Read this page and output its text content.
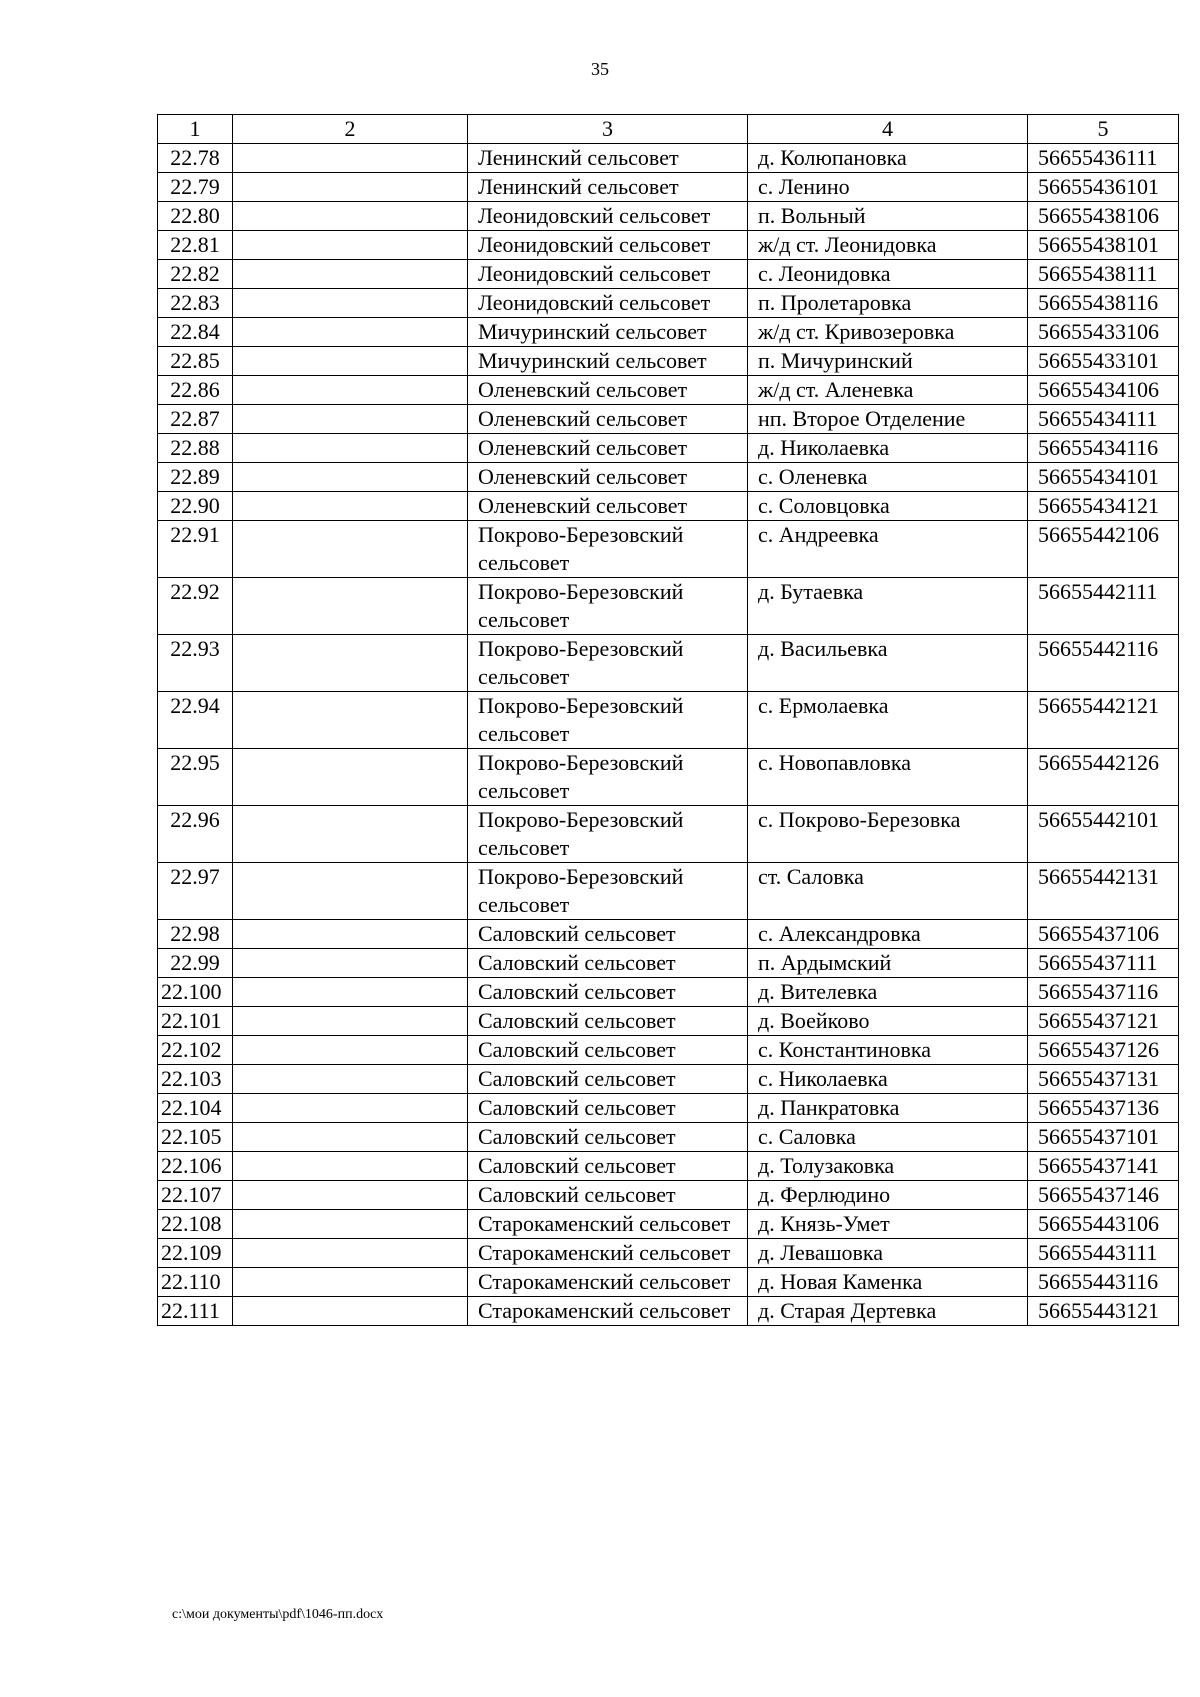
35
1	2	3	4	5
22.78		Ленинский сельсовет	д. Колюпановка	56655436111
22.79		Ленинский сельсовет	с. Ленино	56655436101
22.80		Леонидовский сельсовет	п. Вольный	56655438106
22.81		Леонидовский сельсовет	ж/д ст. Леонидовка	56655438101
22.82		Леонидовский сельсовет	с. Леонидовка	56655438111
22.83		Леонидовский сельсовет	п. Пролетаровка	56655438116
22.84		Мичуринский сельсовет	ж/д ст. Кривозеровка	56655433106
22.85		Мичуринский сельсовет	п. Мичуринский	56655433101
22.86		Оленевский сельсовет	ж/д ст. Аленевка	56655434106
22.87		Оленевский сельсовет	нп. Второе Отделение	56655434111
22.88		Оленевский сельсовет	д. Николаевка	56655434116
22.89		Оленевский сельсовет	с. Оленевка	56655434101
22.90		Оленевский сельсовет	с. Соловцовка	56655434121
22.91		Покрово-Березовский сельсовет	с. Андреевка	56655442106
22.92		Покрово-Березовский сельсовет	д. Бутаевка	56655442111
22.93		Покрово-Березовский сельсовет	д. Васильевка	56655442116
22.94		Покрово-Березовский сельсовет	с. Ермолаевка	56655442121
22.95		Покрово-Березовский сельсовет	с. Новопавловка	56655442126
22.96		Покрово-Березовский сельсовет	с. Покрово-Березовка	56655442101
22.97		Покрово-Березовский сельсовет	ст. Саловка	56655442131
22.98		Саловский сельсовет	с. Александровка	56655437106
22.99		Саловский сельсовет	п. Ардымский	56655437111
22.100		Саловский сельсовет	д. Вителевка	56655437116
22.101		Саловский сельсовет	д. Воейково	56655437121
22.102		Саловский сельсовет	с. Константиновка	56655437126
22.103		Саловский сельсовет	с. Николаевка	56655437131
22.104		Саловский сельсовет	д. Панкратовка	56655437136
22.105		Саловский сельсовет	с. Саловка	56655437101
22.106		Саловский сельсовет	д. Толузаковка	56655437141
22.107		Саловский сельсовет	д. Ферлюдино	56655437146
22.108		Старокаменский сельсовет	д. Князь-Умет	56655443106
22.109		Старокаменский сельсовет	д. Левашовка	56655443111
22.110		Старокаменский сельсовет	д. Новая Каменка	56655443116
22.111		Старокаменский сельсовет	д. Старая Дертевка	56655443121
c:\мои документы\pdf\1046-пп.docx
